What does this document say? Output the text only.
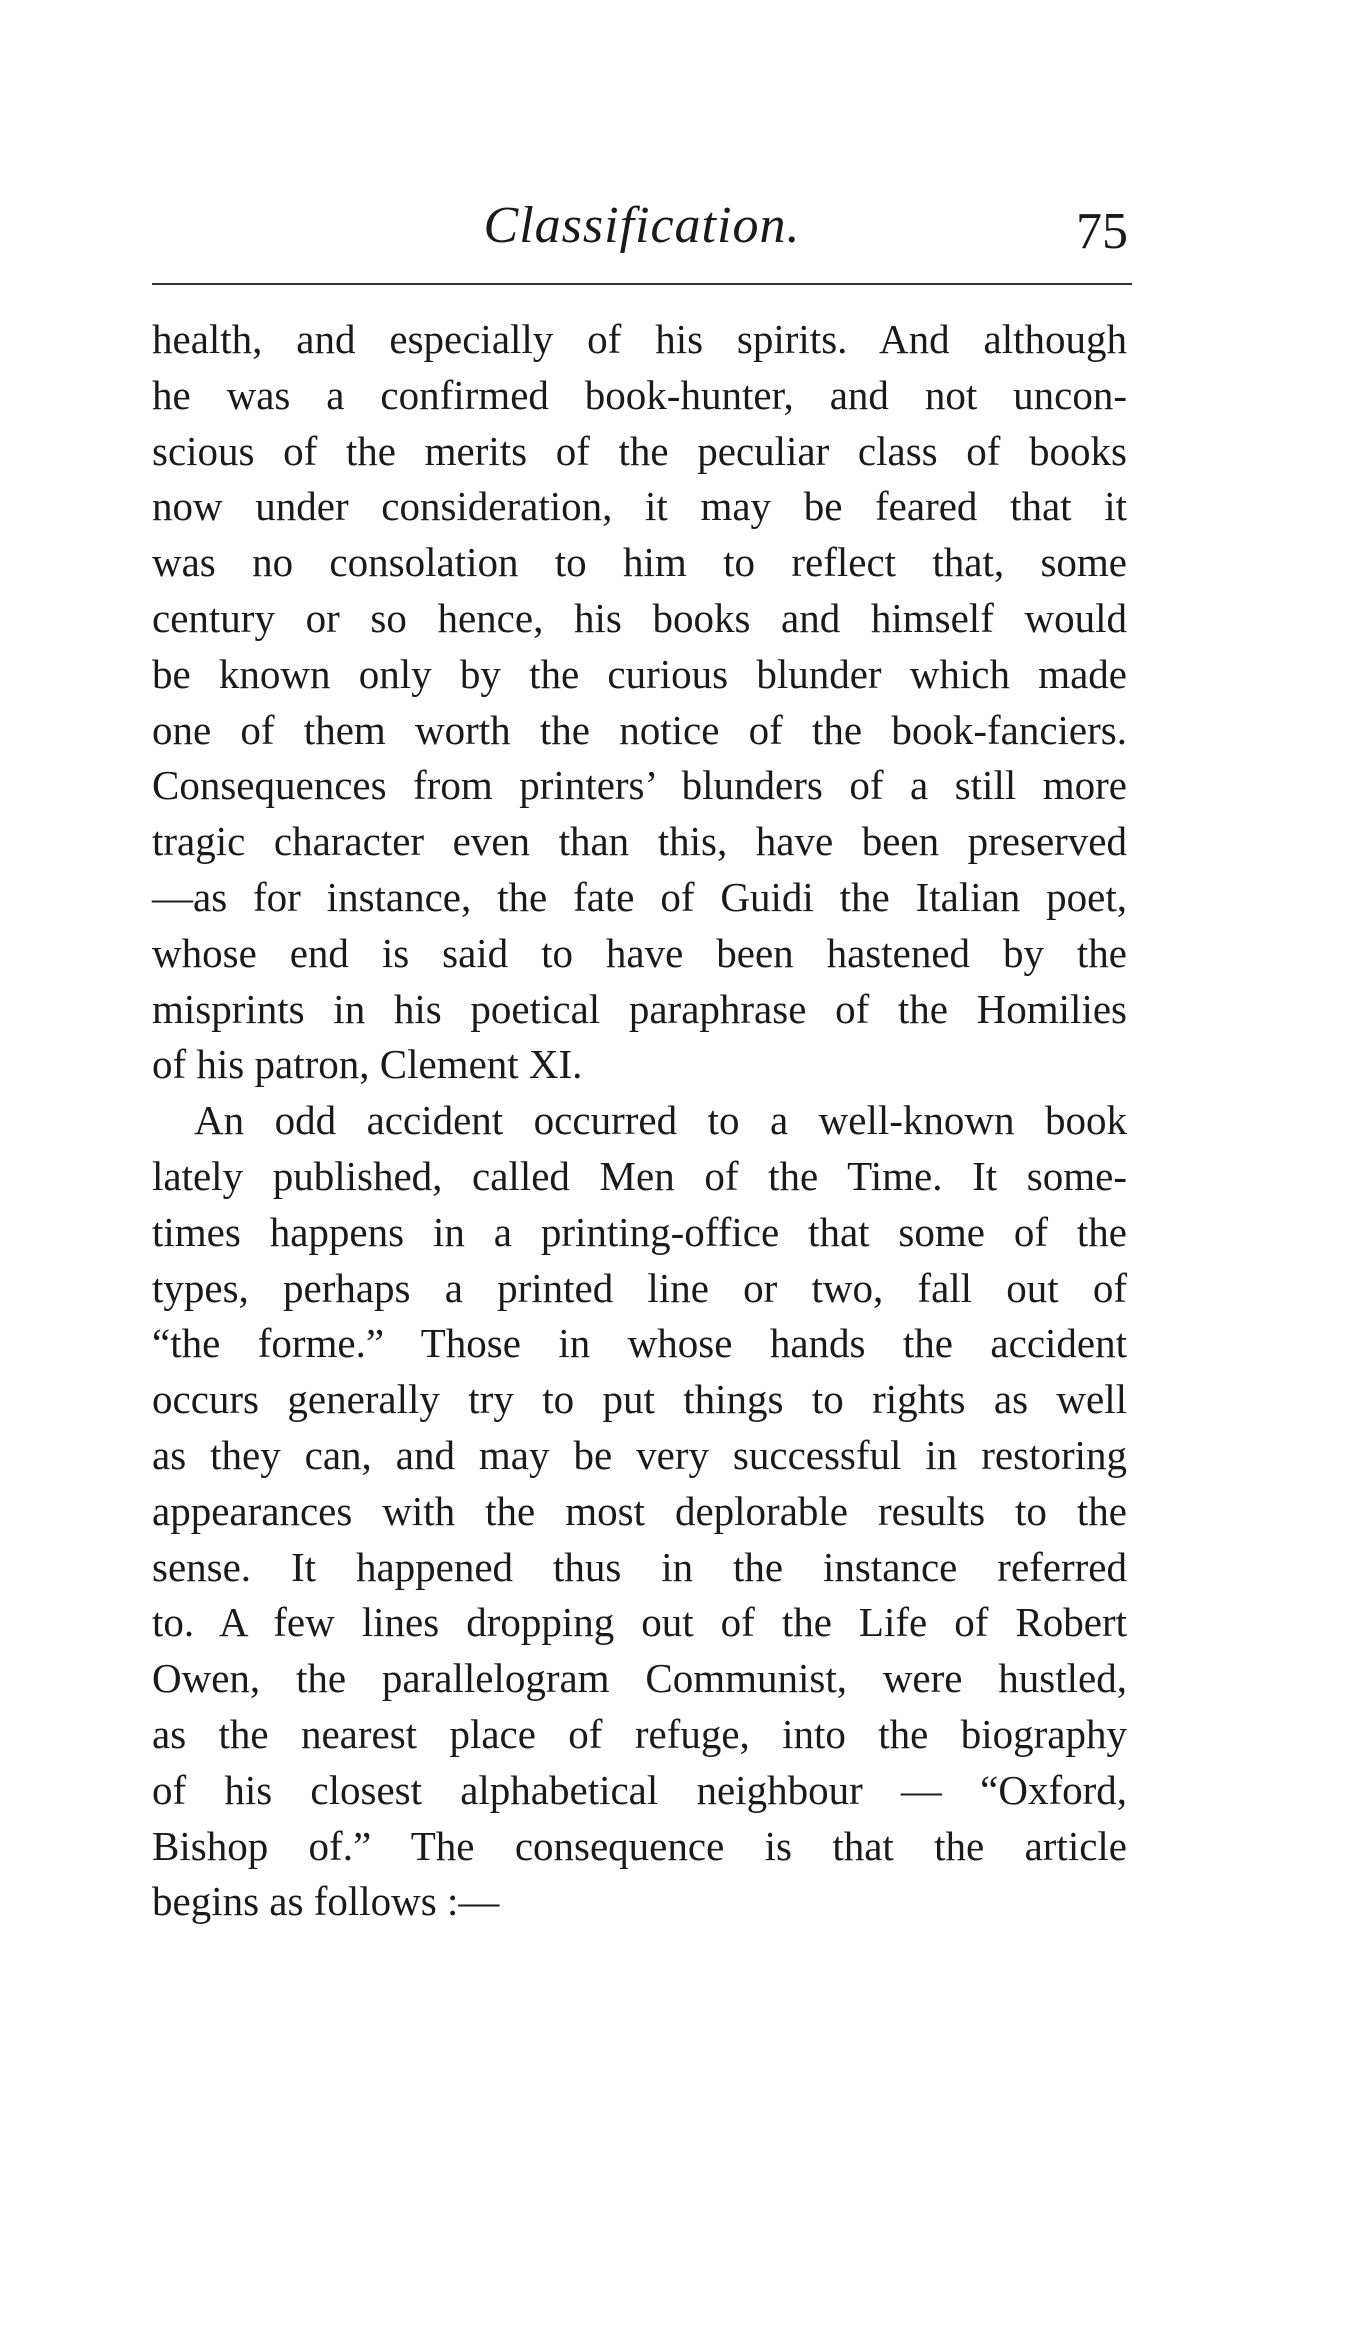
Classification.	75
health, and especially of his spirits. And although
he was a confirmed book-hunter, and not uncon-
scious of the merits of the peculiar class of books
now under consideration, it may be feared that it
was no consolation to him to reflect that, some
century or so hence, his books and himself would
be known only by the curious blunder which made
one of them worth the notice of the book-fanciers.
Consequences from printers’ blunders of a still more
tragic character even than this, have been preserved
—as for instance, the fate of Guidi the Italian poet,
whose end is said to have been hastened by the
misprints in his poetical paraphrase of the Homilies
of his patron, Clement XI.
An odd accident occurred to a well-known book
lately published, called Men of the Time. It some-
times happens in a printing-office that some of the
types, perhaps a printed line or two, fall out of
“the forme.” Those in whose hands the accident
occurs generally try to put things to rights as well
as they can, and may be very successful in restoring
appearances with the most deplorable results to the
sense. It happened thus in the instance referred
to. A few lines dropping out of the Life of Robert
Owen, the parallelogram Communist, were hustled,
as the nearest place of refuge, into the biography
of his closest alphabetical neighbour — “Oxford,
Bishop of.” The consequence is that the article
begins as follows :—
